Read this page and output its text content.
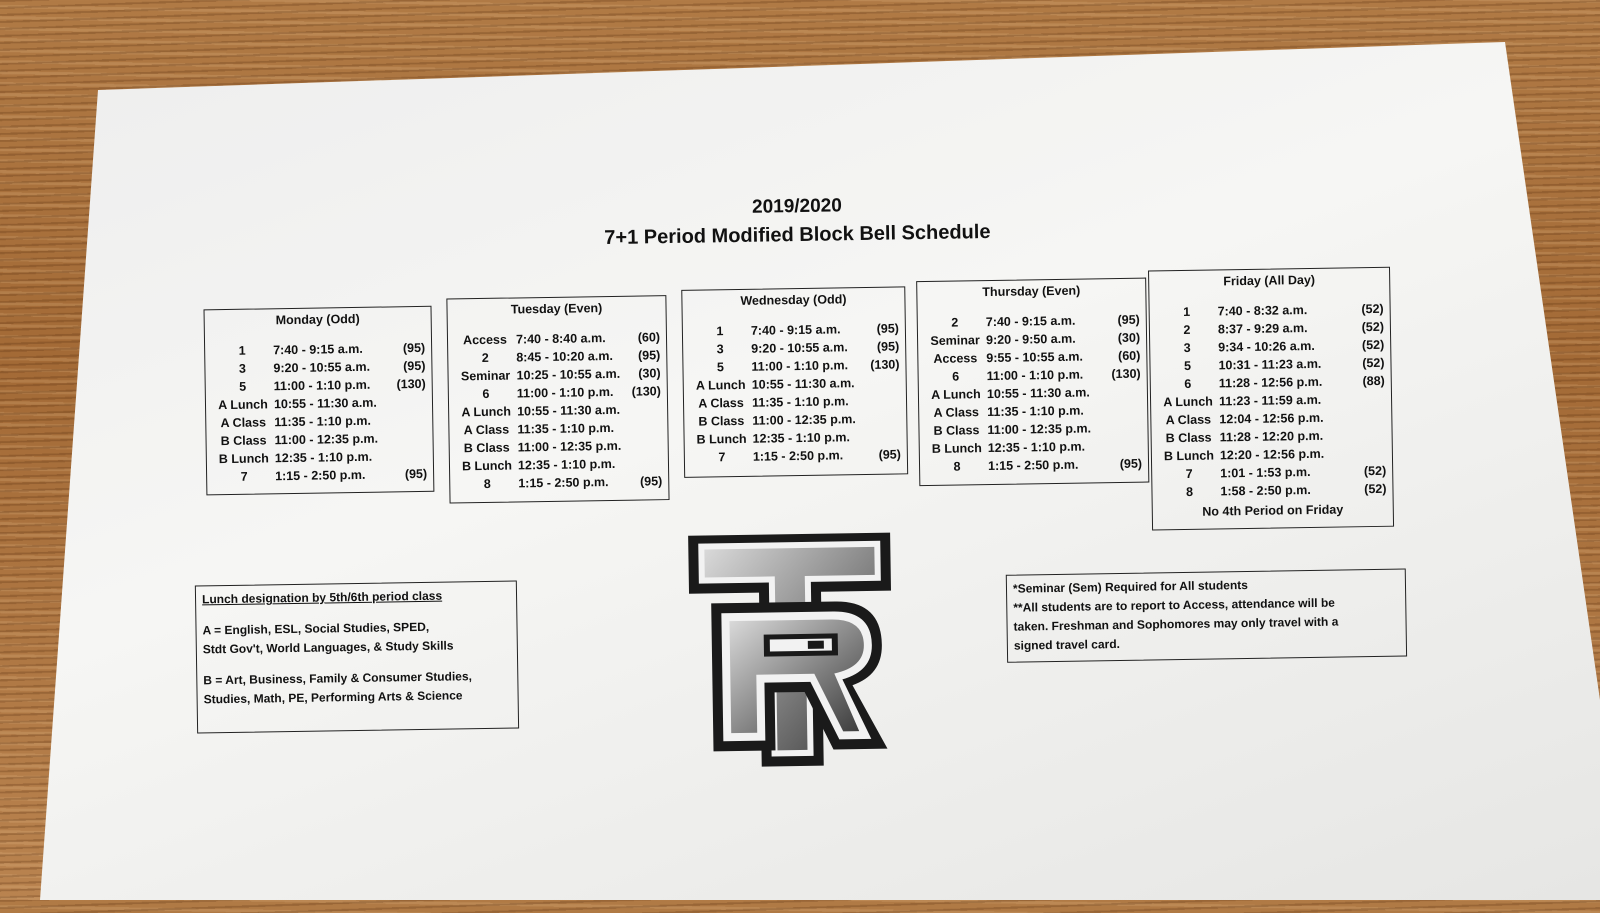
2019/2020
7+1 Period Modified Block Bell Schedule
Monday (Odd)
1	7:40 - 9:15 a.m.	(95)
3	9:20 - 10:55 a.m.	(95)
5	11:00 - 1:10 p.m.	(130)
A Lunch 10:55 - 11:30 a.m.
A Class 11:35 - 1:10 p.m.
B Class 11:00 - 12:35 p.m.
B Lunch 12:35 - 1:10 p.m.
7	1:15 - 2:50 p.m.	(95)
Tuesday (Even)
Access 7:40 - 8:40 a.m.	(60)
2	8:45 - 10:20 a.m.	(95)
Seminar 10:25 - 10:55 a.m.	(30)
6	11:00 - 1:10 p.m.	(130)
A Lunch 10:55 - 11:30 a.m.
A Class 11:35 - 1:10 p.m.
B Class 11:00 - 12:35 p.m.
B Lunch 12:35 - 1:10 p.m.
8	1:15 - 2:50 p.m.	(95)
Wednesday (Odd)
1	7:40 - 9:15 a.m.	(95)
3	9:20 - 10:55 a.m.	(95)
5	11:00 - 1:10 p.m.	(130)
A Lunch 10:55 - 11:30 a.m.
A Class 11:35 - 1:10 p.m.
B Class 11:00 - 12:35 p.m.
B Lunch 12:35 - 1:10 p.m.
7	1:15 - 2:50 p.m.	(95)
Thursday (Even)
2	7:40 - 9:15 a.m.	(95)
Seminar 9:20 - 9:50 a.m.	(30)
Access 9:55 - 10:55 a.m.	(60)
6	11:00 - 1:10 p.m.	(130)
A Lunch 10:55 - 11:30 a.m.
A Class 11:35 - 1:10 p.m.
B Class 11:00 - 12:35 p.m.
B Lunch 12:35 - 1:10 p.m.
8	1:15 - 2:50 p.m.	(95)
Friday (All Day)
1	7:40 - 8:32 a.m.	(52)
2	8:37 - 9:29 a.m.	(52)
3	9:34 - 10:26 a.m.	(52)
5	10:31 - 11:23 a.m.	(52)
6	11:28 - 12:56 p.m.	(88)
A Lunch 11:23 - 11:59 a.m.
A Class 12:04 - 12:56 p.m.
B Class 11:28 - 12:20 p.m.
B Lunch 12:20 - 12:56 p.m.
7	1:01 - 1:53 p.m.	(52)
8	1:58 - 2:50 p.m.	(52)
No 4th Period on Friday
Lunch designation by 5th/6th period class
A = English, ESL, Social Studies, SPED,
Stdt Gov't, World Languages, & Study Skills
B = Art, Business, Family & Consumer Studies,
Studies, Math, PE, Performing Arts & Science
*Seminar (Sem) Required for All students
**All students are to report to Access, attendance will be
taken. Freshman and Sophomores may only travel with a
signed travel card.
